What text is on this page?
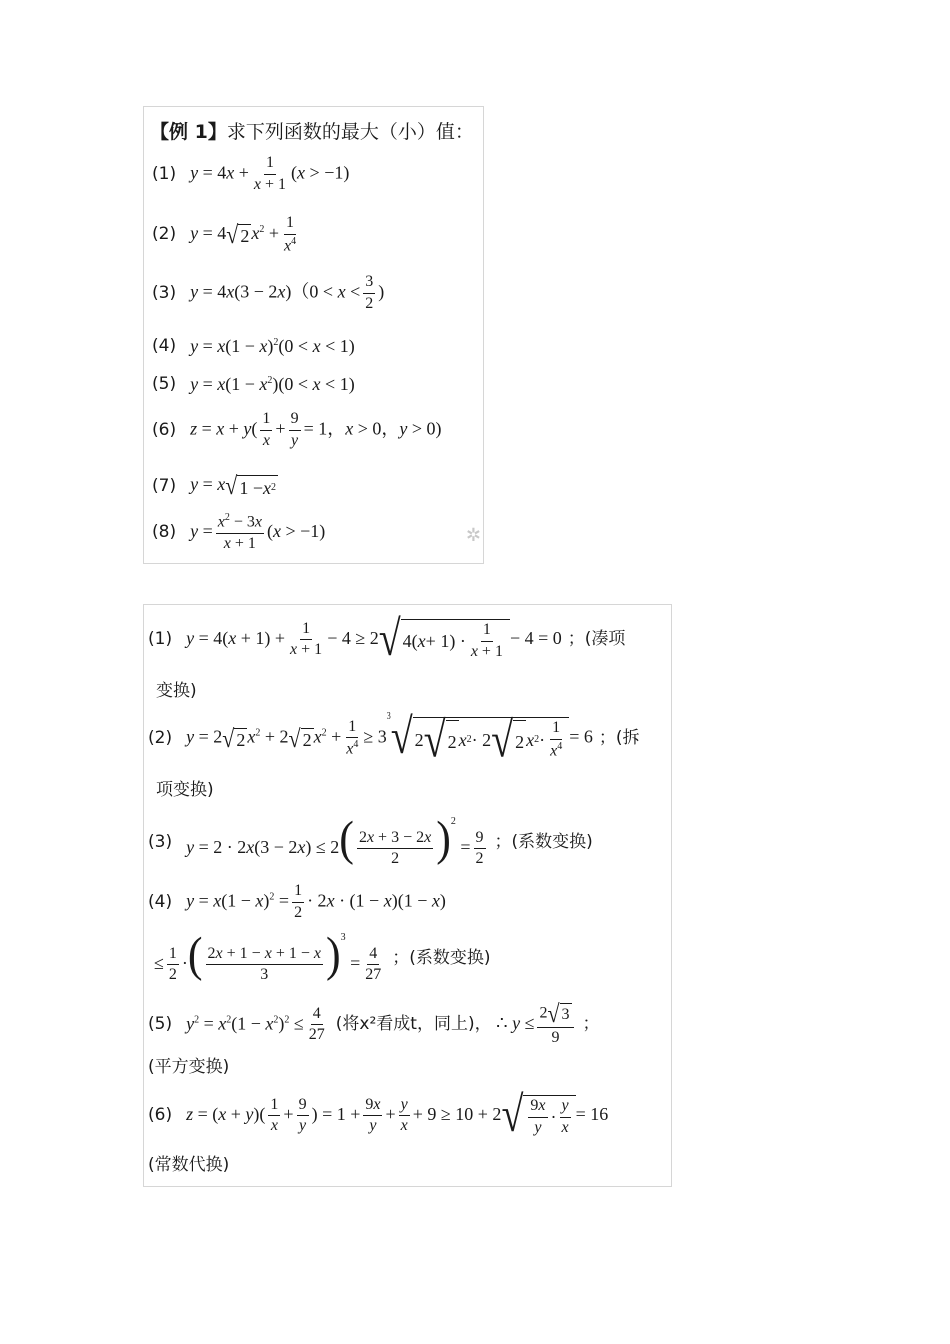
【例 1】求下列函数的最大（小）值：
(1) $y = 4x + \frac{1}{x + 1} (x > -1)$
(2) y = 4 √ 2 $x^2 + \frac{1}{x^4}$
(3) $y = 4x(3 - 2x)(0 < x < \frac{3}{2}$ )
(4) $y = x(1 - x)^2(0 < x < 1)$
(5) $y = x(1 - x^2)(0 < x < 1)$
(6) $z = x + y( \frac{1}{x} + \frac{9}{y} = 1$，x > 0，y > 0)
(7) y = x √ 1 − x 2
(8) $y = \frac{x^2 - 3x}{x + 1} (x > -1)$	✲
(1) $y = 4(x + 1) + \frac{1}{x + 1} - 4 \ge 2$ √ 4( $x + 1) \cdot \frac{1}{x + 1} - 4 = 0$ ；(凑项
变换)
(2) y = 2 √ 2 $x^2 + 2$ √ 2 $x^2 + \frac{1}{x^4} \ge 3$
$^3$√ 2 √ 2 x 2 · 2 √ 2 x $2 \cdot \frac{1}{x^4} = 6$ ；(拆
项变换)
(3) $y = 2 \cdot 2x(3 - 2x) \le 2( \frac{2x + 3 - 2x}{2} )^2 = \frac{9}{2}$ ；(系数变换)
(4) $y = x(1 - x)^2 = \frac{1}{2} \cdot 2x \cdot (1 - x)(1 - x)$
≤ $\frac{1}{2}$ ·( $\frac{2x + 1 - x + 1 - x}{3} )^3 = \frac{4}{27}$ ；(系数变换)
(5) $y^2 = x^2(1 - x^2)^2 \le \frac{4}{27}$ (将x²看成t，同上)， ∴ $y \le \frac{2 √ 3}{9}$ ；
(平方变换)
(6) $z = (x + y)( \frac{1}{x} + \frac{9}{y}$ ) = $1 + \frac{9x}{y} + \frac{y}{x} + 9 \ge 10 + 2$ √ $\frac{9x}{y} \cdot \frac{y}{x} = 16$
(常数代换)
